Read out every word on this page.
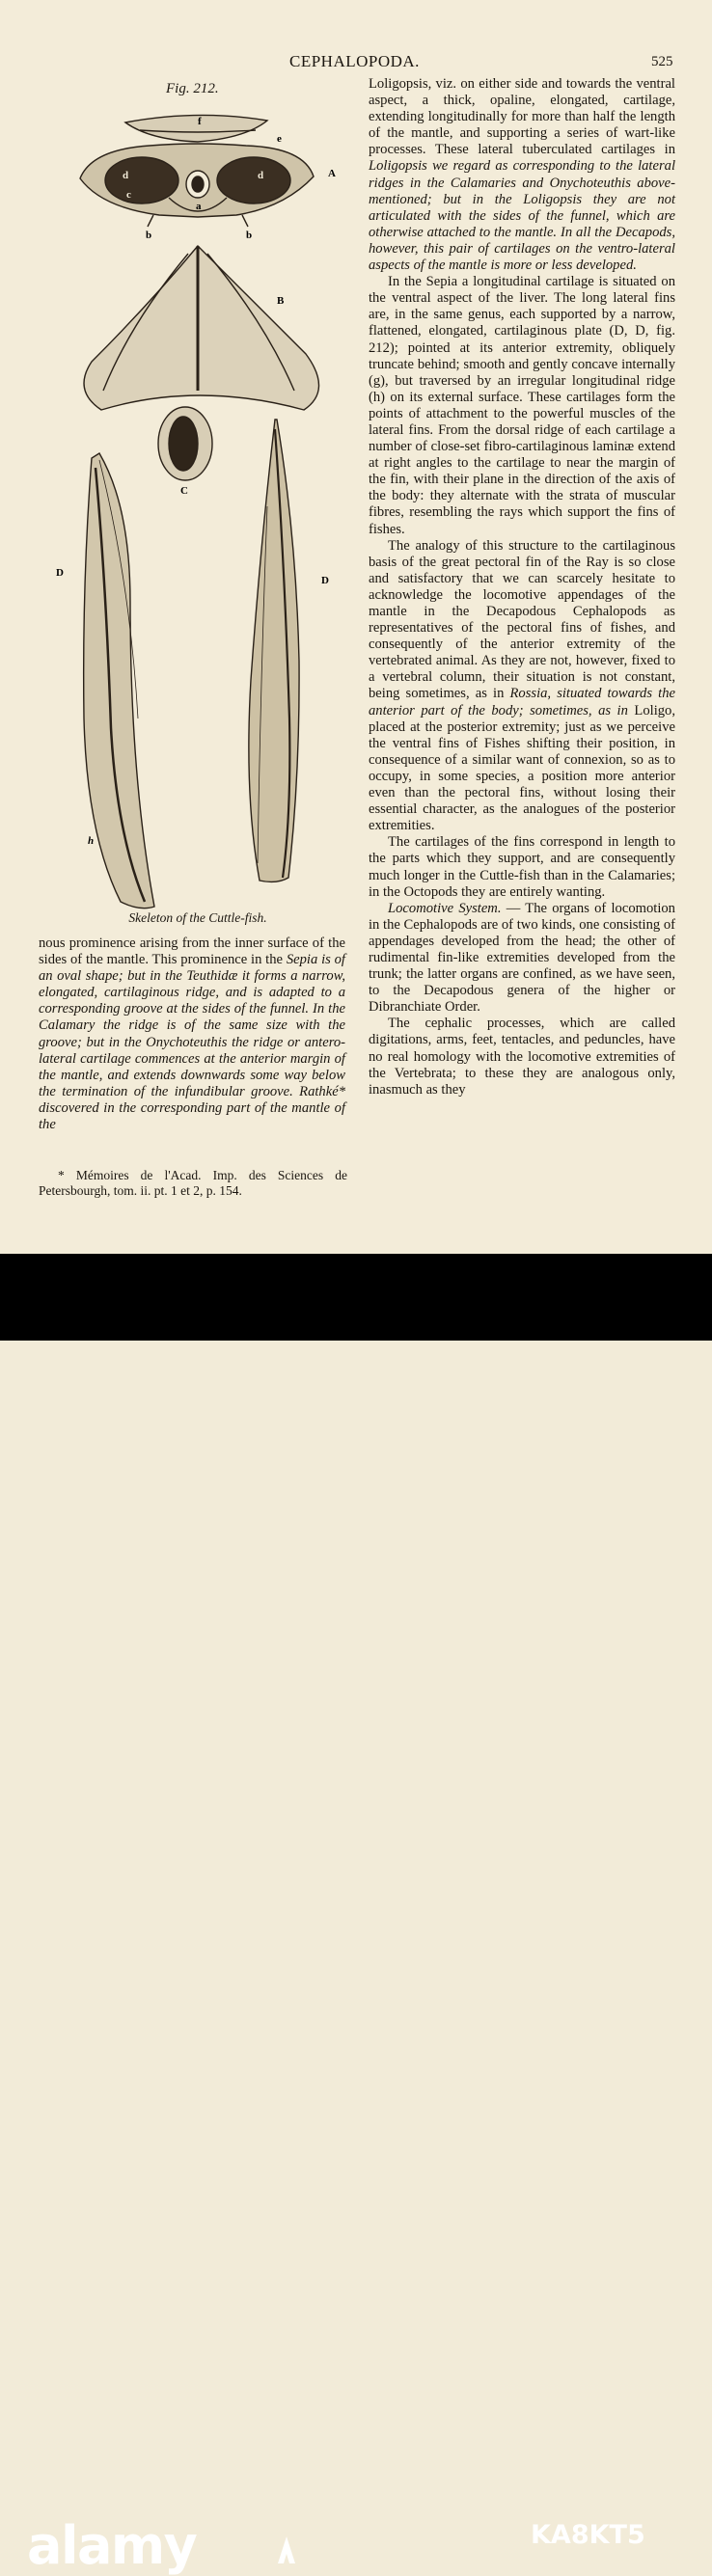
CEPHALOPODA.	525
Fig. 212.
f
e
A
d	d
c
a
b	b
B
C
D
D
h
Skeleton of the Cuttle-fish.

Loligopsis, viz. on either side and towards the ventral aspect, a thick, opaline, elongated, cartilage, extending longitudinally for more than half the length of the mantle, and supporting a series of wart-like processes. These lateral tuberculated cartilages in Loligopsis we regard as corresponding to the lateral ridges in the Calamaries and Onychoteuthis above-mentioned; but in the Loligopsis they are not articulated with the sides of the funnel, which are otherwise attached to the mantle. In all the Decapods, however, this pair of cartilages on the ventro-lateral aspects of the mantle is more or less developed.

In the Sepia a longitudinal cartilage is situated on the ventral aspect of the liver. The long lateral fins are, in the same genus, each supported by a narrow, flattened, elongated, cartilaginous plate (D, D, fig. 212); pointed at its anterior extremity, obliquely truncate behind; smooth and gently concave internally (g), but traversed by an irregular longitudinal ridge (h) on its external surface. These cartilages form the points of attachment to the powerful muscles of the lateral fins. From the dorsal ridge of each cartilage a number of close-set fibro-cartilaginous laminæ extend at right angles to the cartilage to near the margin of the fin, with their plane in the direction of the axis of the body: they alternate with the strata of muscular fibres, resembling the rays which support the fins of fishes.

The analogy of this structure to the cartilaginous basis of the great pectoral fin of the Ray is so close and satisfactory that we can scarcely hesitate to acknowledge the locomotive appendages of the mantle in the Decapodous Cephalopods as representatives of the pectoral fins of fishes, and consequently of the anterior extremity of the vertebrated animal. As they are not, however, fixed to a vertebral column, their situation is not constant, being sometimes, as in Rossia, situated towards the anterior part of the body; sometimes, as in Loligo, placed at the posterior extremity; just as we perceive the ventral fins of Fishes shifting their position, in consequence of a similar want of connexion, so as to occupy, in some species, a position more anterior even than the pectoral fins, without losing their essential character, as the analogues of the posterior extremities.

The cartilages of the fins correspond in length to the parts which they support, and are consequently much longer in the Cuttle-fish than in the Calamaries; in the Octopods they are entirely wanting.

Locomotive System. — The organs of locomotion in the Cephalopods are of two kinds, one consisting of appendages developed from the head; the other of rudimental fin-like extremities developed from the trunk; the latter organs are confined, as we have seen, to the Decapodous genera of the higher or Dibranchiate Order.

The cephalic processes, which are called digitations, arms, feet, tentacles, and peduncles, have no real homology with the locomotive extremities of the Vertebrata; to these they are analogous only, inasmuch as they

nous prominence arising from the inner surface of the sides of the mantle. This prominence in the Sepia is of an oval shape; but in the Teuthidæ it forms a narrow, elongated, cartilaginous ridge, and is adapted to a corresponding groove at the sides of the funnel. In the Calamary the ridge is of the same size with the groove; but in the Onychoteuthis the ridge or antero-lateral cartilage commences at the anterior margin of the mantle, and extends downwards some way below the termination of the infundibular groove. Rathké* discovered in the corresponding part of the mantle of the

* Mémoires de l'Acad. Imp. des Sciences de Petersbourgh, tom. ii. pt. 1 et 2, p. 154.
alamy	KA8KT5
